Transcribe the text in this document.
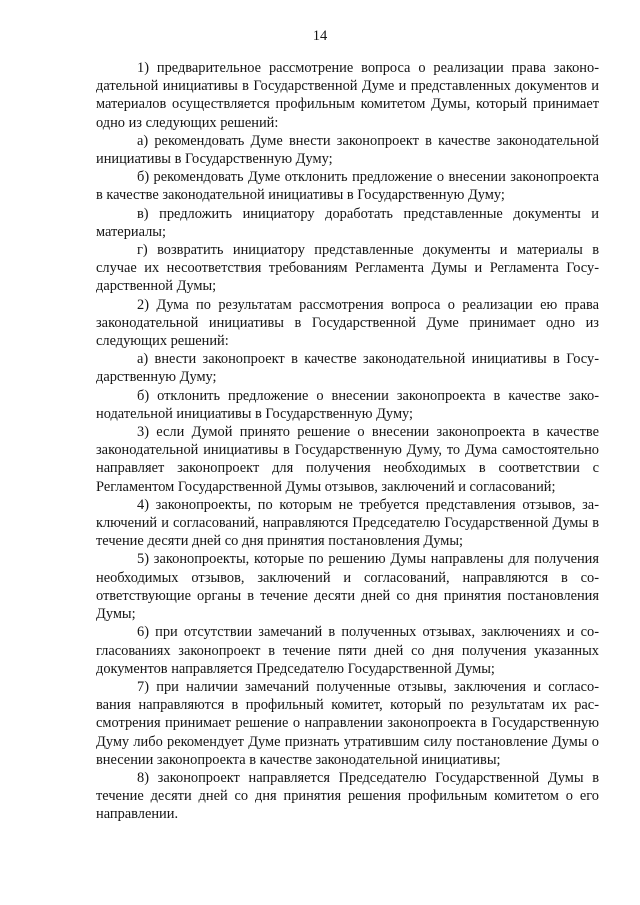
14

1) предварительное рассмотрение вопроса о реализации права законодательной инициативы в Государственной Думе и представленных документов и материалов осуществляется профильным комитетом Думы, который принимает одно из следующих решений:

а) рекомендовать Думе внести законопроект в качестве законодательной инициативы в Государственную Думу;

б) рекомендовать Думе отклонить предложение о внесении законопроекта в качестве законодательной инициативы в Государственную Думу;

в) предложить инициатору доработать представленные документы и материалы;

г) возвратить инициатору представленные документы и материалы в случае их несоответствия требованиям Регламента Думы и Регламента Государственной Думы;

2) Дума по результатам рассмотрения вопроса о реализации ею права законодательной инициативы в Государственной Думе принимает одно из следующих решений:

а) внести законопроект в качестве законодательной инициативы в Государственную Думу;

б) отклонить предложение о внесении законопроекта в качестве законодательной инициативы в Государственную Думу;

3) если Думой принято решение о внесении законопроекта в качестве законодательной инициативы в Государственную Думу, то Дума самостоятельно направляет законопроект для получения необходимых в соответствии с Регламентом Государственной Думы отзывов, заключений и согласований;

4) законопроекты, по которым не требуется представления отзывов, заключений и согласований, направляются Председателю Государственной Думы в течение десяти дней со дня принятия постановления Думы;

5) законопроекты, которые по решению Думы направлены для получения необходимых отзывов, заключений и согласований, направляются в соответствующие органы в течение десяти дней со дня принятия постановления Думы;

6) при отсутствии замечаний в полученных отзывах, заключениях и согласованиях законопроект в течение пяти дней со дня получения указанных документов направляется Председателю Государственной Думы;

7) при наличии замечаний полученные отзывы, заключения и согласования направляются в профильный комитет, который по результатам их рассмотрения принимает решение о направлении законопроекта в Государственную Думу либо рекомендует Думе признать утратившим силу постановление Думы о внесении законопроекта в качестве законодательной инициативы;

8) законопроект направляется Председателю Государственной Думы в течение десяти дней со дня принятия решения профильным комитетом о его направлении.
